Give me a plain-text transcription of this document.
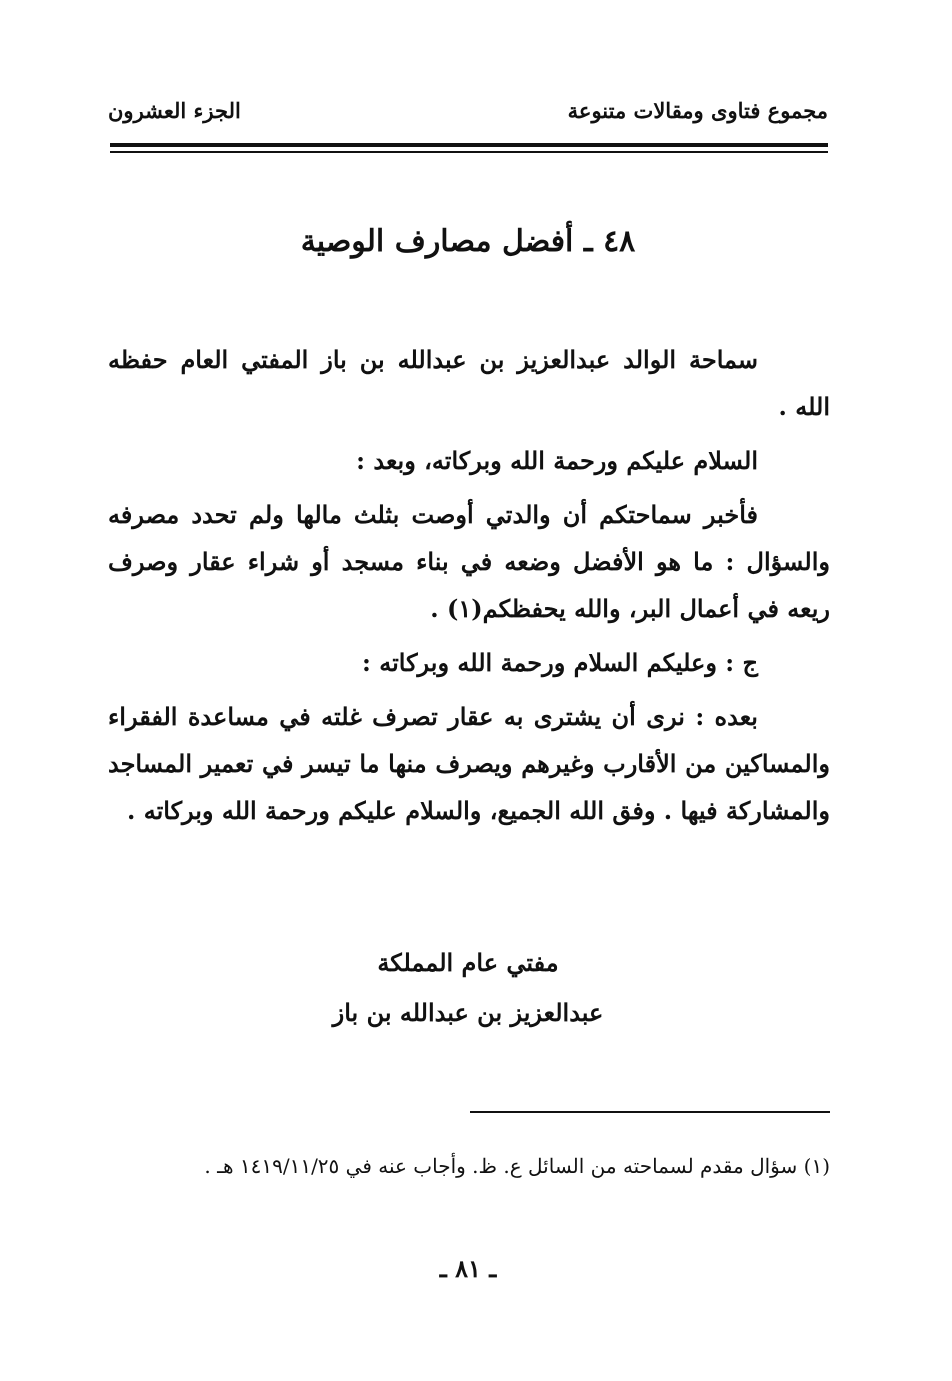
مجموع فتاوى ومقالات متنوعة
الجزء العشرون
٤٨ ـ أفضل مصارف الوصية

سماحة الوالد عبدالعزيز بن عبدالله بن باز المفتي العام حفظه الله .

السلام عليكم ورحمة الله وبركاته، وبعد :

فأخبر سماحتكم أن والدتي أوصت بثلث مالها ولم تحدد مصرفه والسؤال : ما هو الأفضل وضعه في بناء مسجد أو شراء عقار وصرف ريعه في أعمال البر، والله يحفظكم(١) .

ج : وعليكم السلام ورحمة الله وبركاته :

بعده : نرى أن يشترى به عقار تصرف غلته في مساعدة الفقراء والمساكين من الأقارب وغيرهم ويصرف منها ما تيسر في تعمير المساجد والمشاركة فيها . وفق الله الجميع، والسلام عليكم ورحمة الله وبركاته .

مفتي عام المملكة
عبدالعزيز بن عبدالله بن باز

(١) سؤال مقدم لسماحته من السائل ع. ظ. وأجاب عنه في ١٤١٩/١١/٢٥ هـ .

ـ ٨١ ـ
